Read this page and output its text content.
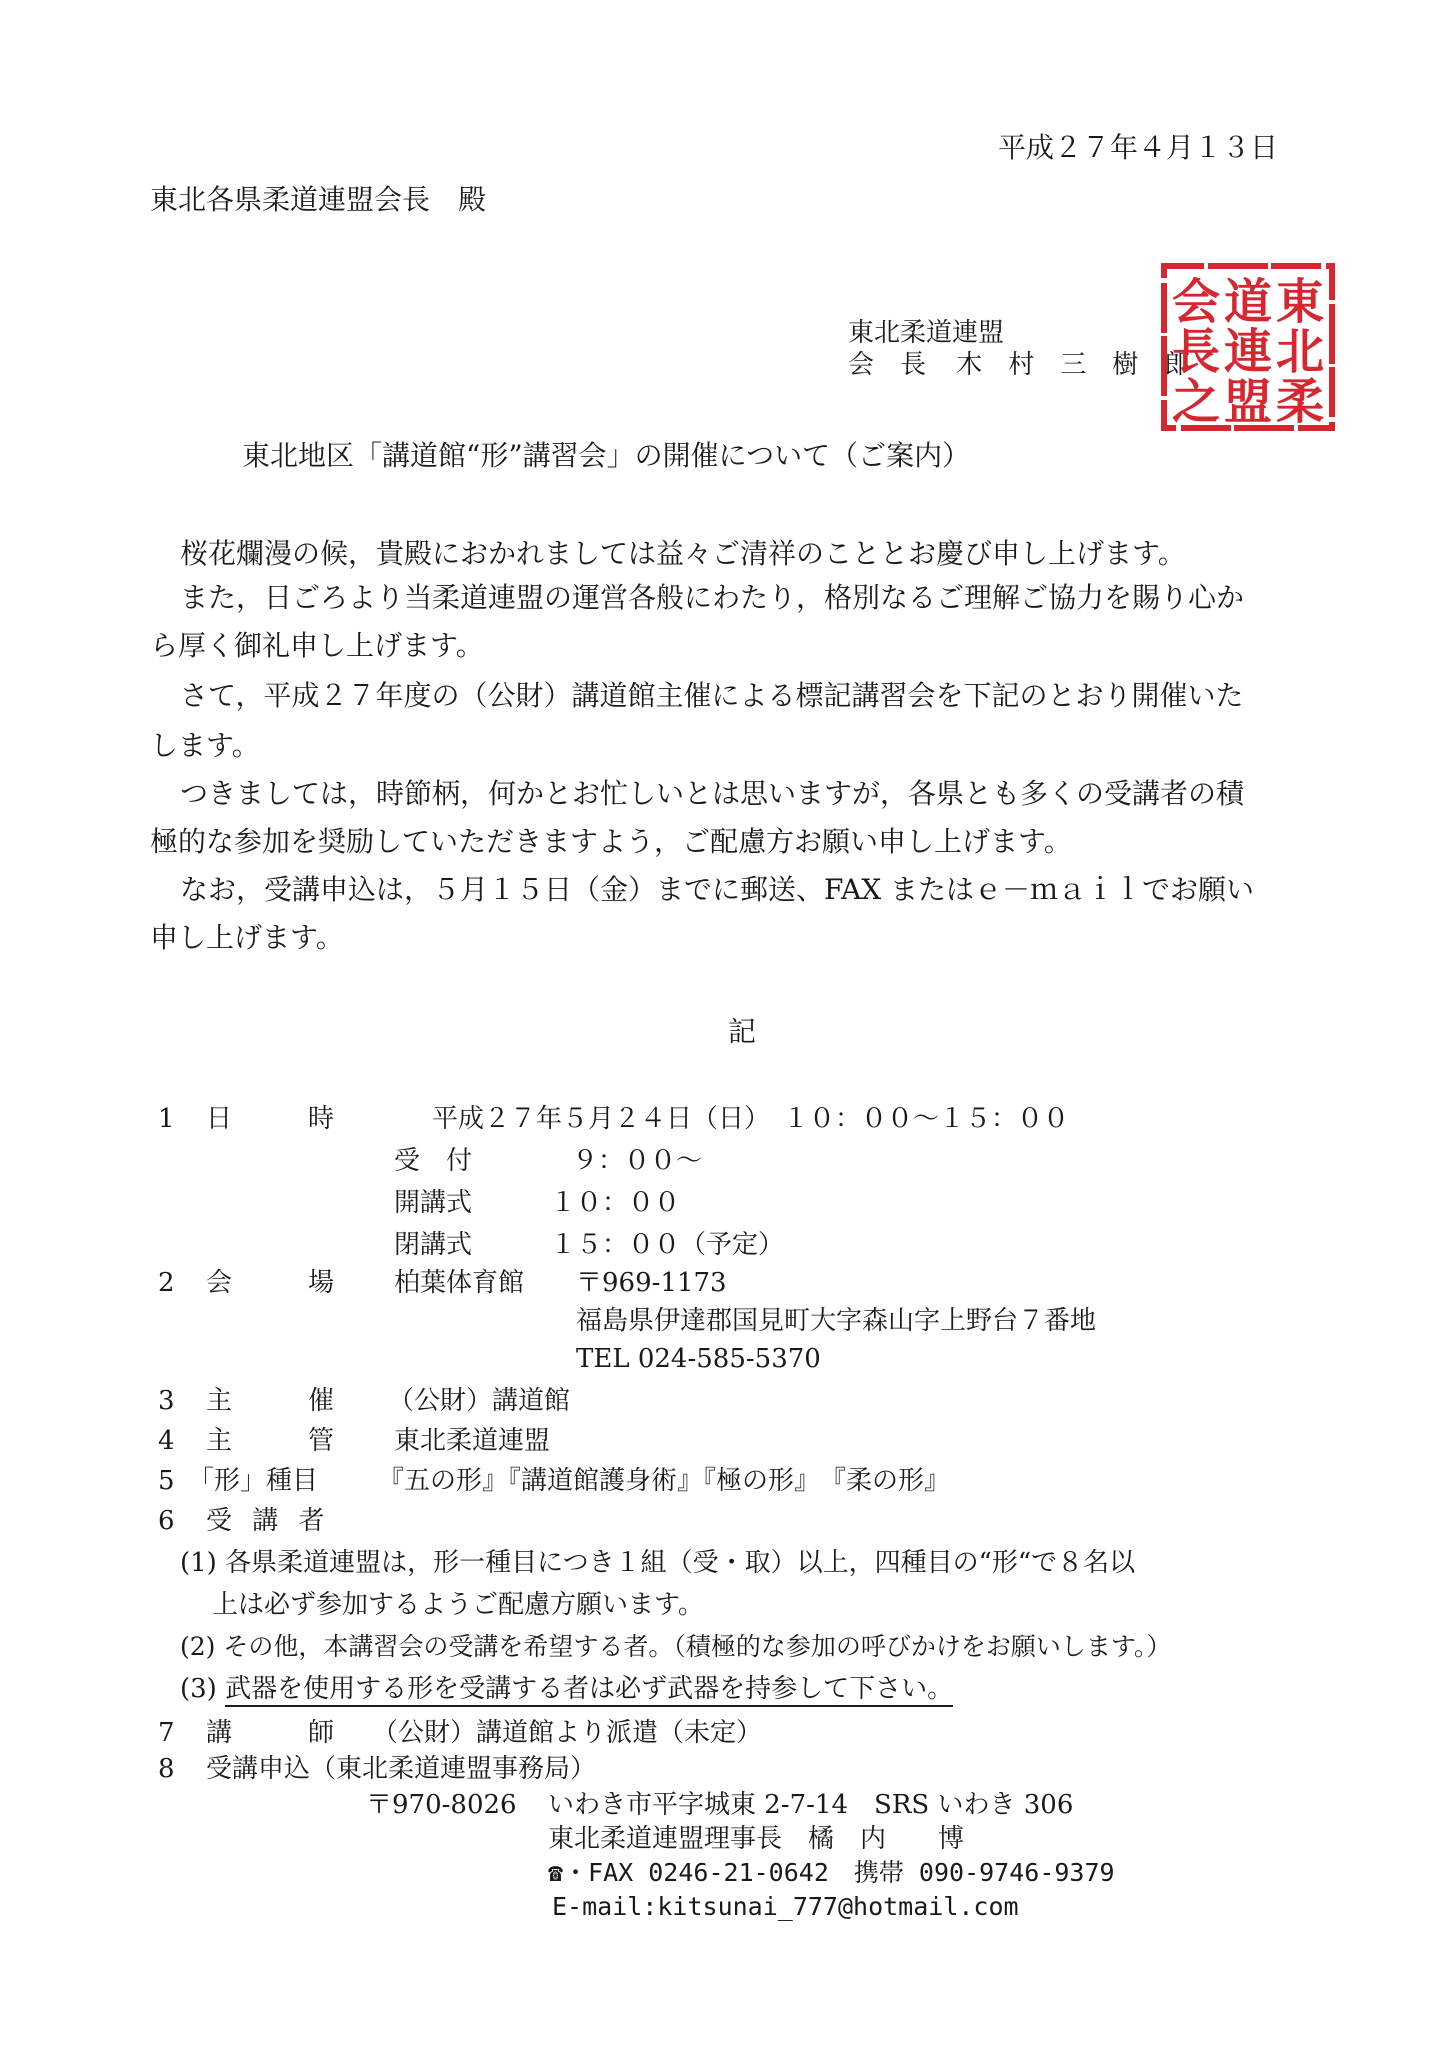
平成２７年４月１３日
東北各県柔道連盟会長　殿
東北柔道連盟
会　長 木　村　三　樹　郎
東
北
柔
道
連
盟
会
長
之
東北地区「講道館“形”講習会」の開催について（ご案内）
桜花爛漫の候，貴殿におかれましては益々ご清祥のこととお慶び申し上げます。
また，日ごろより当柔道連盟の運営各般にわたり，格別なるご理解ご協力を賜り心か
ら厚く御礼申し上げます。
さて，平成２７年度の（公財）講道館主催による標記講習会を下記のとおり開催いた
します。
つきましては，時節柄，何かとお忙しいとは思いますが，各県とも多くの受講者の積
極的な参加を奨励していただきますよう，ご配慮方お願い申し上げます。
なお，受講申込は，５月１５日（金）までに郵送、FAX またはｅ－ｍａｉｌでお願い
申し上げます。
記
1 日　　時	平成２７年５月２４日（日）　１０：００～１５：００
受　付	９：００～
開講式	１０：００
閉講式	１５：００（予定）
2 会　　場 柏葉体育館 〒969-1173
福島県伊達郡国見町大字森山字上野台７番地
TEL 024-585-5370
3 主　　催 （公財）講道館
4 主　　管 東北柔道連盟
5 「形」種目 『五の形』『講道館護身術』『極の形』　『柔の形』
6 受 講 者
(1) 各県柔道連盟は，形一種目につき１組（受・取）以上，四種目の“形“で８名以
上は必ず参加するようご配慮方願います。
(2) その他，本講習会の受講を希望する者。（積極的な参加の呼びかけをお願いします。）
(3) 武器を使用する形を受講する者は必ず武器を持参して下さい。
7 講　　師 （公財）講道館より派遣（未定）
8 受講申込（東北柔道連盟事務局）
〒970-8026 いわき市平字城東 2-7-14　SRS いわき 306
東北柔道連盟理事長　橘　内　　博
☎・FAX 0246-21-0642　携帯 090-9746-9379
E-mail:kitsunai_777@hotmail.com
